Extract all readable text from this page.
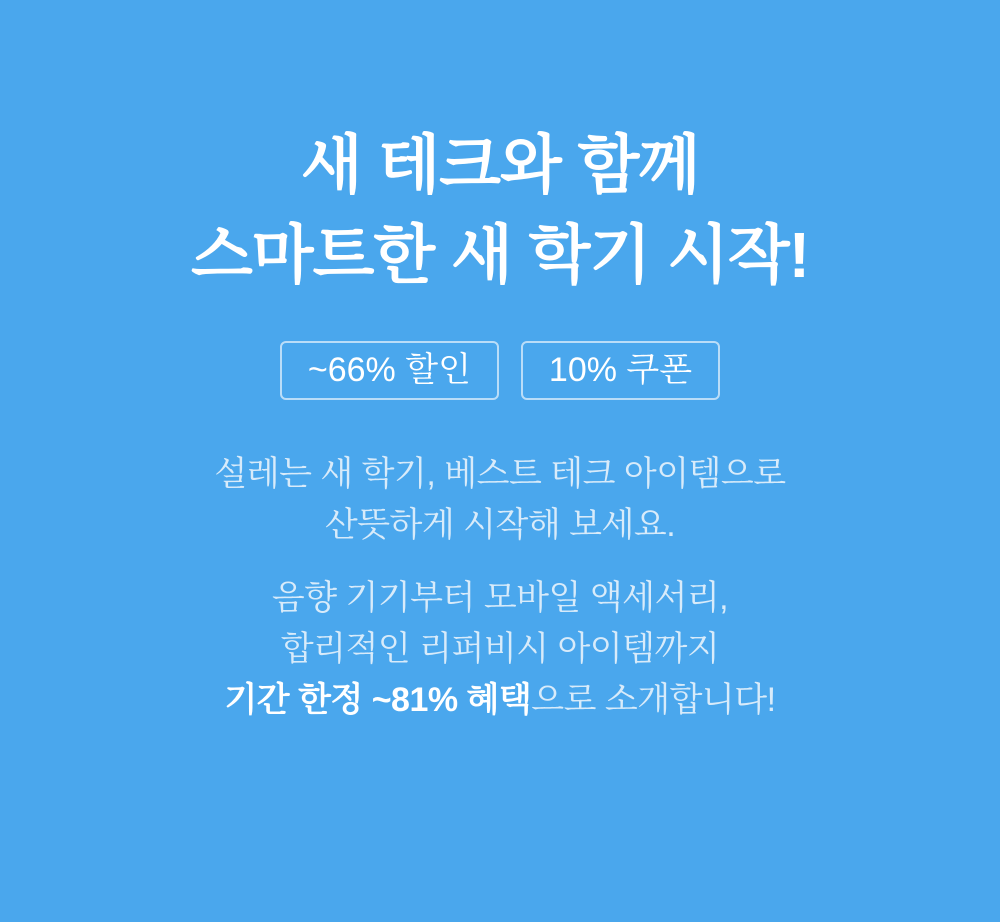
새 테크와 함께
스마트한 새 학기 시작!
~66% 할인	10% 쿠폰

설레는 새 학기, 베스트 테크 아이템으로
산뜻하게 시작해 보세요.

음향 기기부터 모바일 액세서리,
합리적인 리퍼비시 아이템까지
기간 한정 ~81% 혜택으로 소개합니다!
